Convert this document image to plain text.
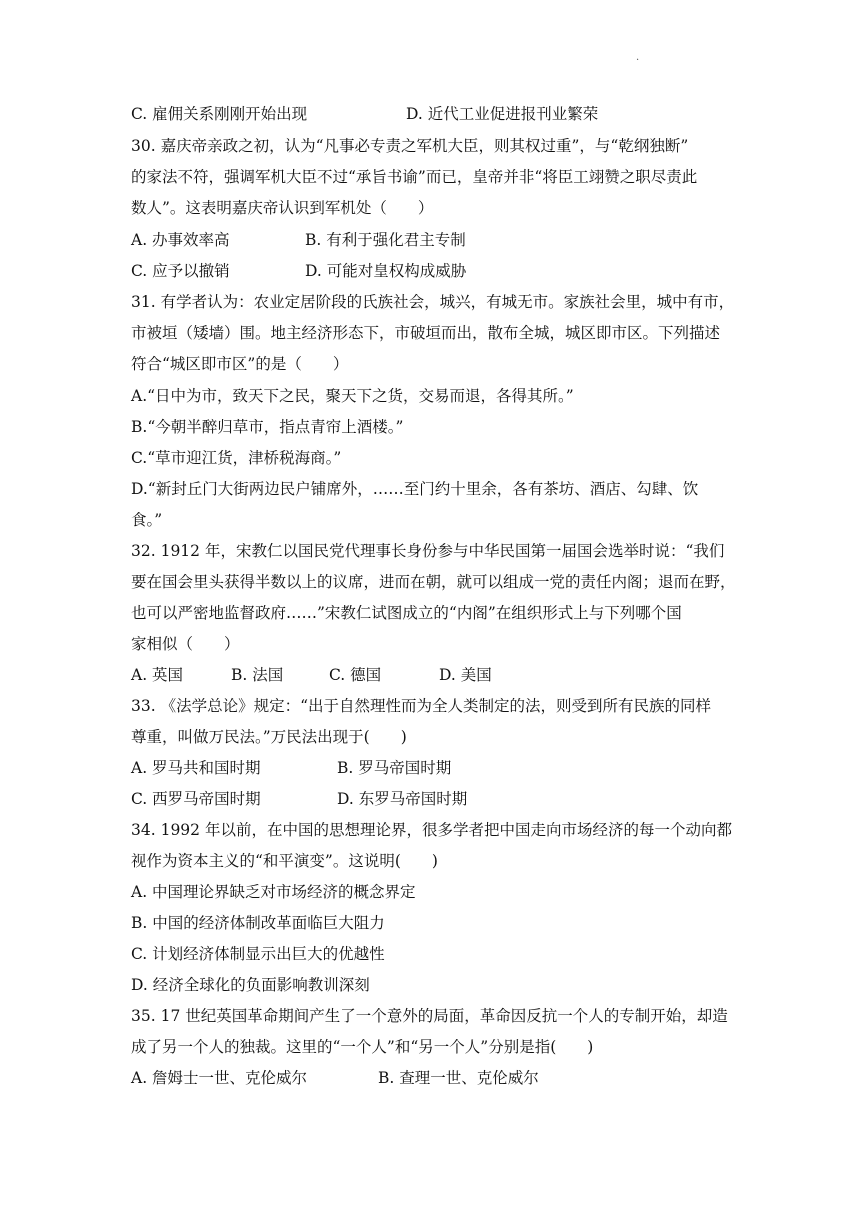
.
C. 雇佣关系刚刚开始出现	D. 近代工业促进报刊业繁荣
30. 嘉庆帝亲政之初，认为“凡事必专责之军机大臣，则其权过重”，与“乾纲独断”
的家法不符，强调军机大臣不过“承旨书谕”而已，皇帝并非“将臣工翊赞之职尽责此
数人”。这表明嘉庆帝认识到军机处（　　）
A. 办事效率高	B. 有利于强化君主专制
C. 应予以撤销	D. 可能对皇权构成威胁
31. 有学者认为：农业定居阶段的氏族社会，城兴，有城无市。家族社会里，城中有市，
市被垣（矮墙）围。地主经济形态下，市破垣而出，散布全城，城区即市区。下列描述
符合“城区即市区”的是（　　）
A.“日中为市，致天下之民，聚天下之货，交易而退，各得其所。”
B.“今朝半醉归草市，指点青帘上酒楼。”
C.“草市迎江货，津桥税海商。”
D.“新封丘门大街两边民户铺席外，……至门约十里余，各有茶坊、酒店、勾肆、饮
食。”
32. 1912 年，宋教仁以国民党代理事长身份参与中华民国第一届国会选举时说：“我们
要在国会里头获得半数以上的议席，进而在朝，就可以组成一党的责任内阁；退而在野，
也可以严密地监督政府……”宋教仁试图成立的“内阁”在组织形式上与下列哪个国
家相似（　　）
A. 英国	B. 法国	C. 德国	D. 美国
33. 《法学总论》规定：“出于自然理性而为全人类制定的法，则受到所有民族的同样
尊重，叫做万民法。”万民法出现于(　　)
A. 罗马共和国时期	B. 罗马帝国时期
C. 西罗马帝国时期	D. 东罗马帝国时期
34. 1992 年以前，在中国的思想理论界，很多学者把中国走向市场经济的每一个动向都
视作为资本主义的“和平演变”。这说明(　　)
A. 中国理论界缺乏对市场经济的概念界定
B. 中国的经济体制改革面临巨大阻力
C. 计划经济体制显示出巨大的优越性
D. 经济全球化的负面影响教训深刻
35. 17 世纪英国革命期间产生了一个意外的局面，革命因反抗一个人的专制开始，却造
成了另一个人的独裁。这里的“一个人”和“另一个人”分别是指(　　)
A. 詹姆士一世、克伦威尔	B. 查理一世、克伦威尔
